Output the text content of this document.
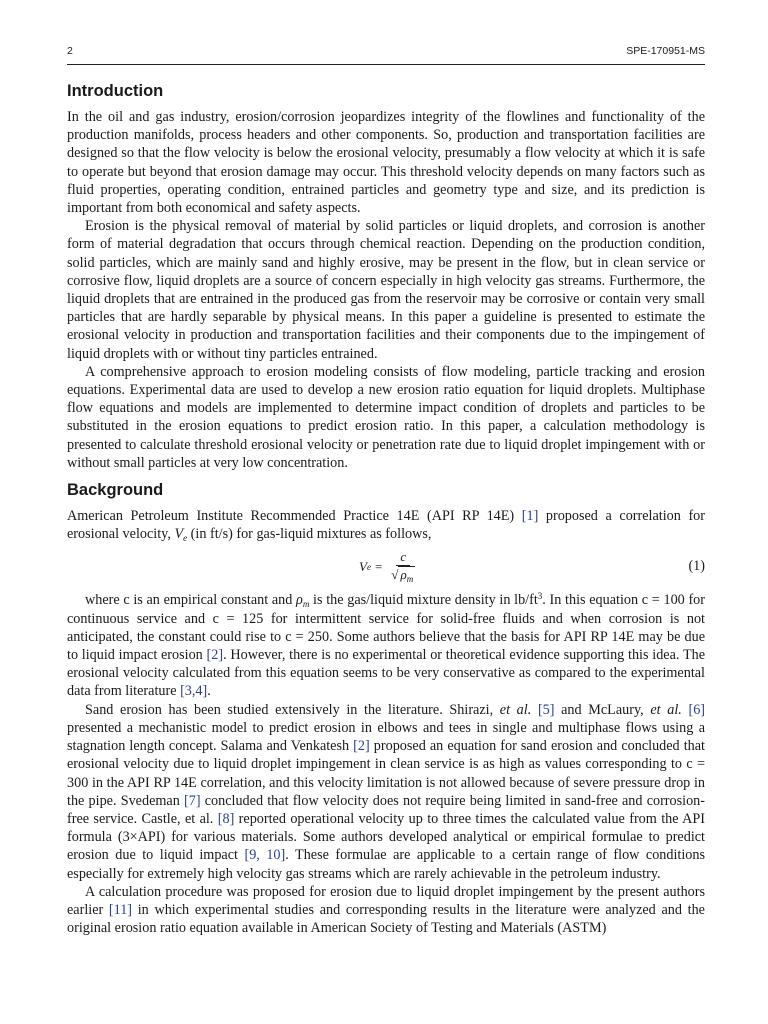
2	SPE-170951-MS
Introduction

In the oil and gas industry, erosion/corrosion jeopardizes integrity of the flowlines and functionality of the production manifolds, process headers and other components. So, production and transportation facilities are designed so that the flow velocity is below the erosional velocity, presumably a flow velocity at which it is safe to operate but beyond that erosion damage may occur. This threshold velocity depends on many factors such as fluid properties, operating condition, entrained particles and geometry type and size, and its prediction is important from both economical and safety aspects.

Erosion is the physical removal of material by solid particles or liquid droplets, and corrosion is another form of material degradation that occurs through chemical reaction. Depending on the production condition, solid particles, which are mainly sand and highly erosive, may be present in the flow, but in clean service or corrosive flow, liquid droplets are a source of concern especially in high velocity gas streams. Furthermore, the liquid droplets that are entrained in the produced gas from the reservoir may be corrosive or contain very small particles that are hardly separable by physical means. In this paper a guideline is presented to estimate the erosional velocity in production and transportation facilities and their components due to the impingement of liquid droplets with or without tiny particles entrained.

A comprehensive approach to erosion modeling consists of flow modeling, particle tracking and erosion equations. Experimental data are used to develop a new erosion ratio equation for liquid droplets. Multiphase flow equations and models are implemented to determine impact condition of droplets and particles to be substituted in the erosion equations to predict erosion ratio. In this paper, a calculation methodology is presented to calculate threshold erosional velocity or penetration rate due to liquid droplet impingement with or without small particles at very low concentration.

Background

American Petroleum Institute Recommended Practice 14E (API RP 14E) [1] proposed a correlation for erosional velocity, $V_e$ (in ft/s) for gas-liquid mixtures as follows,

V $e = \frac{c}{√ \rho_m}$	(1)

where c is an empirical constant and $\rho_m$ is the gas/liquid mixture density in $lb/ft^3$. In this equation c = 100 for continuous service and c = 125 for intermittent service for solid-free fluids and when corrosion is not anticipated, the constant could rise to c = 250. Some authors believe that the basis for API RP 14E may be due to liquid impact erosion [2]. However, there is no experimental or theoretical evidence supporting this idea. The erosional velocity calculated from this equation seems to be very conservative as compared to the experimental data from literature [3,4].

Sand erosion has been studied extensively in the literature. Shirazi, et al. [5] and McLaury, et al. [6] presented a mechanistic model to predict erosion in elbows and tees in single and multiphase flows using a stagnation length concept. Salama and Venkatesh [2] proposed an equation for sand erosion and concluded that erosional velocity due to liquid droplet impingement in clean service is as high as values corresponding to c = 300 in the API RP 14E correlation, and this velocity limitation is not allowed because of severe pressure drop in the pipe. Svedeman [7] concluded that flow velocity does not require being limited in sand-free and corrosion-free service. Castle, et al. [8] reported operational velocity up to three times the calculated value from the API formula (3×API) for various materials. Some authors developed analytical or empirical formulae to predict erosion due to liquid impact [9, 10]. These formulae are applicable to a certain range of flow conditions especially for extremely high velocity gas streams which are rarely achievable in the petroleum industry.

A calculation procedure was proposed for erosion due to liquid droplet impingement by the present authors earlier [11] in which experimental studies and corresponding results in the literature were analyzed and the original erosion ratio equation available in American Society of Testing and Materials (ASTM)
